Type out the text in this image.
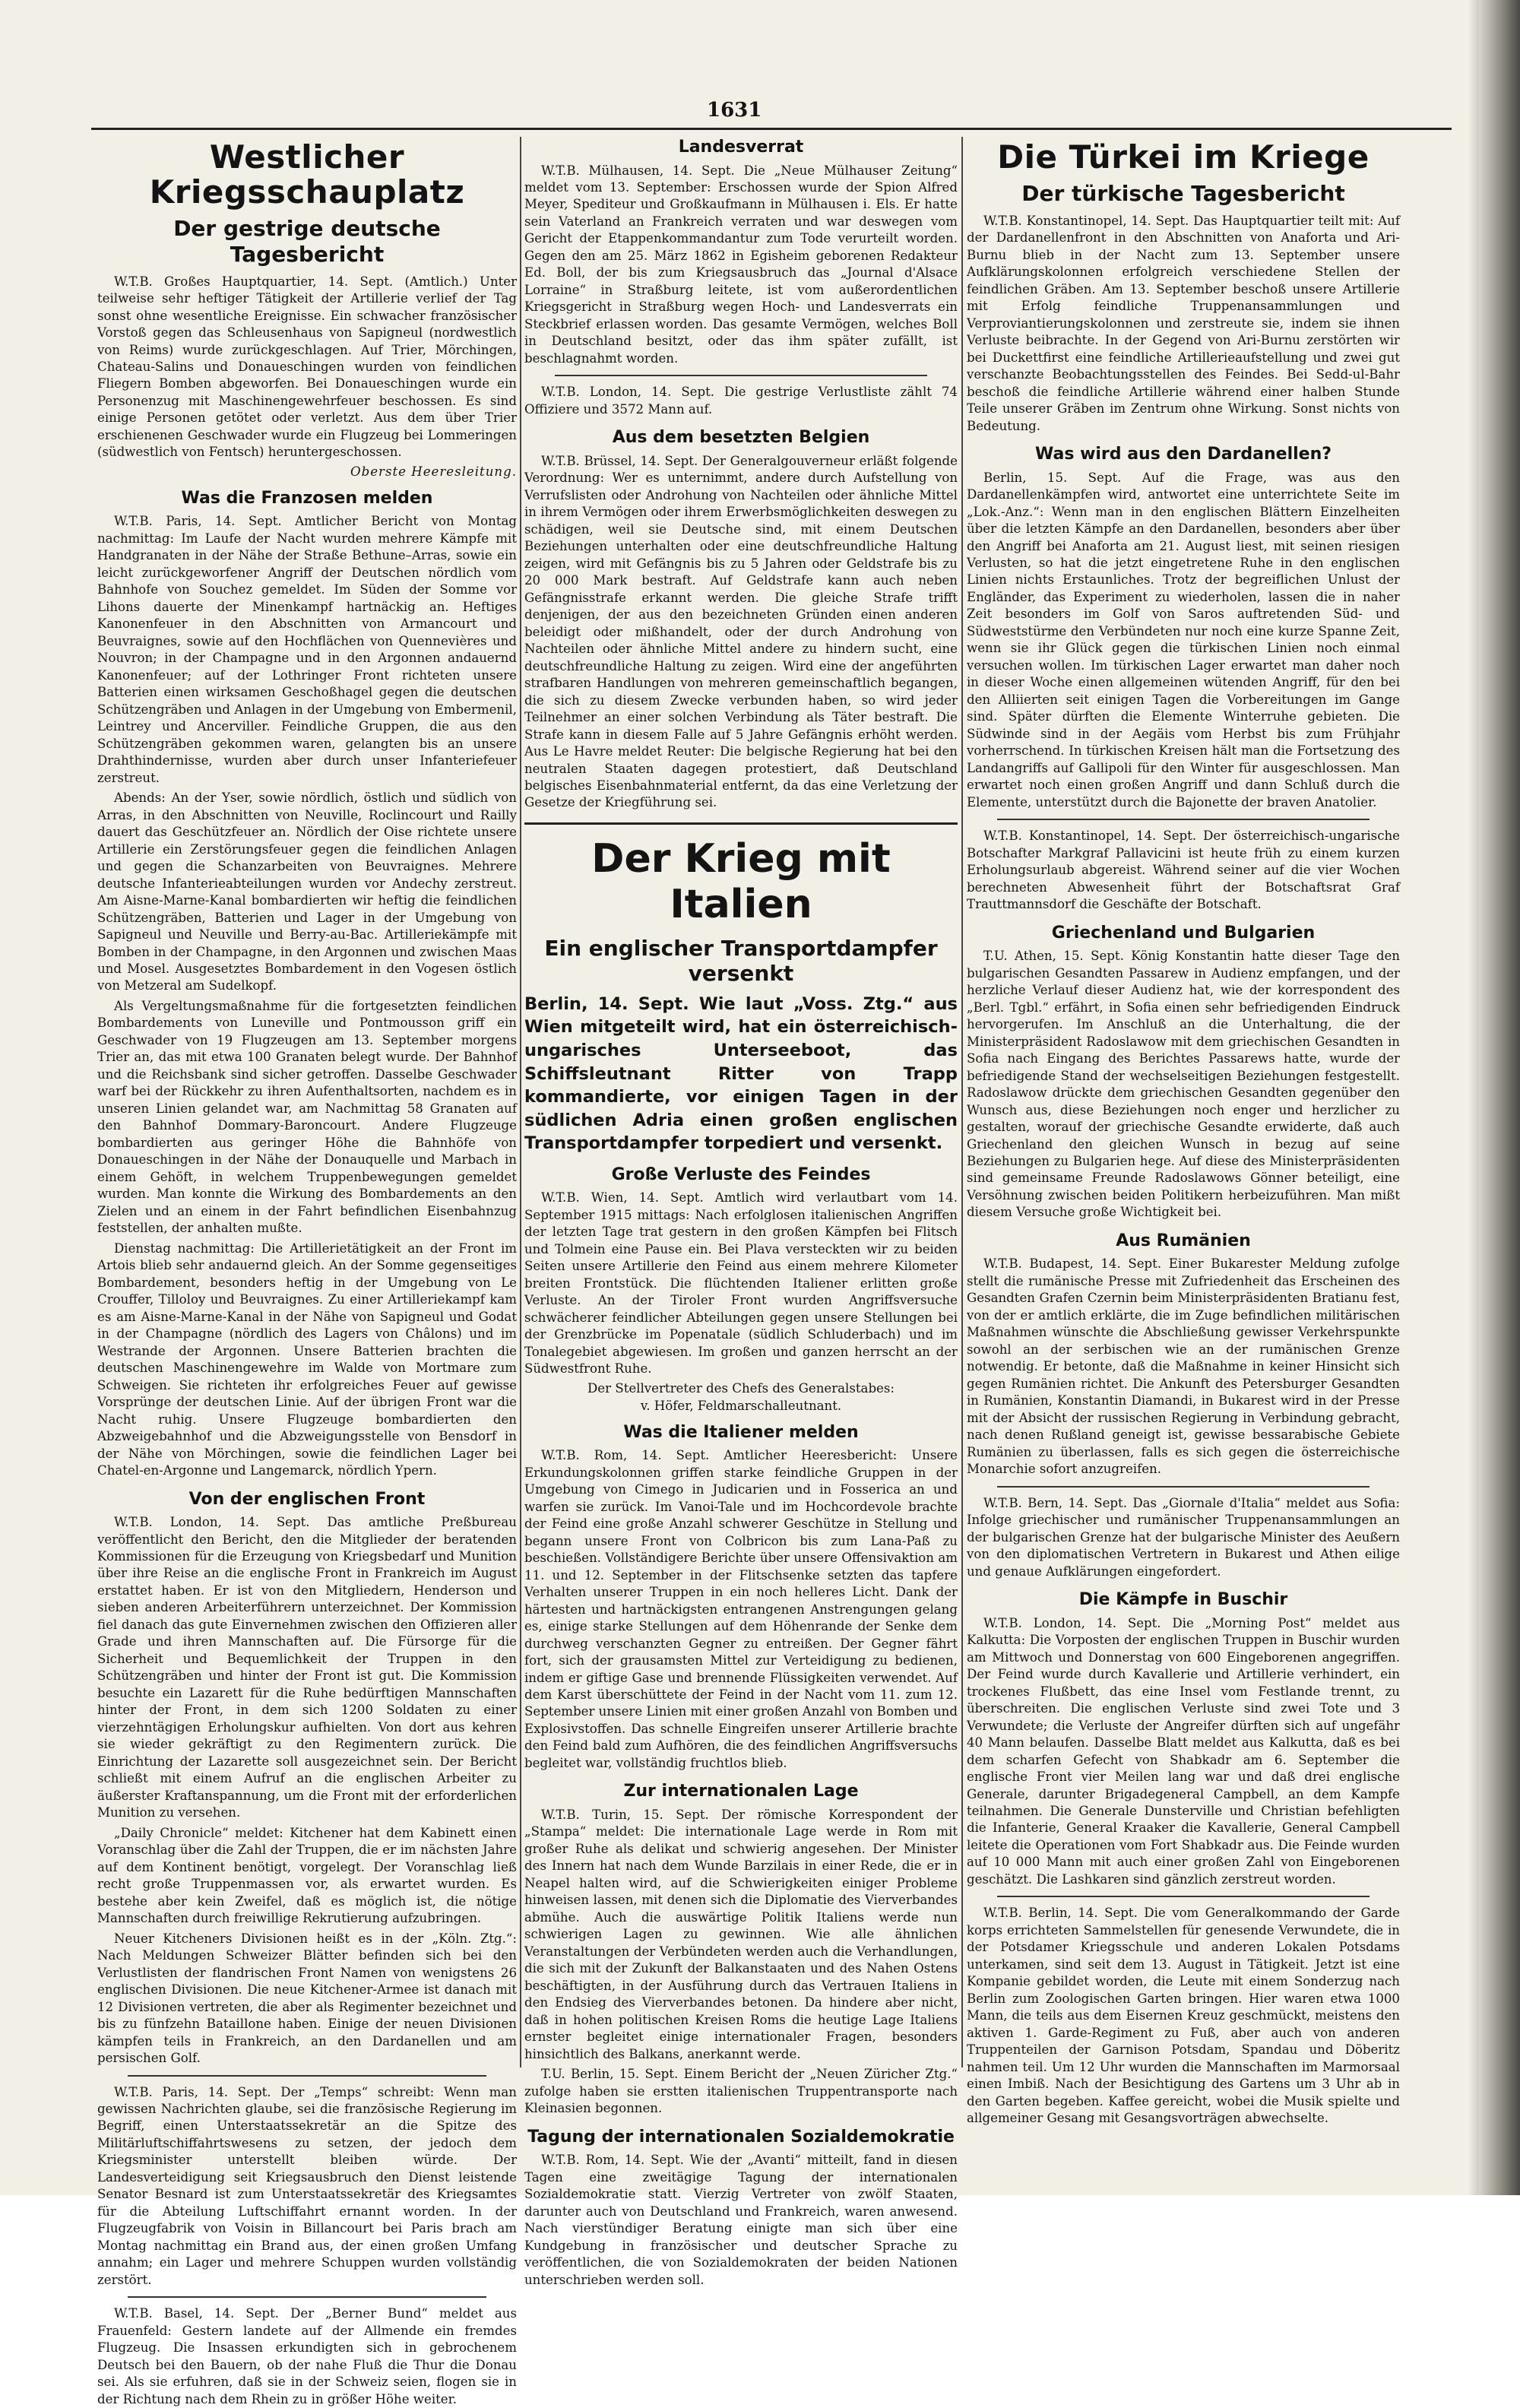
1631
Westlicher Kriegsschauplatz
Der gestrige deutsche Tagesbericht

W.T.B. Großes Hauptquartier, 14. Sept. (Amtlich.) Unter teilweise sehr heftiger Tätigkeit der Artillerie verlief der Tag sonst ohne wesentliche Ereignisse. Ein schwacher französischer Vorstoß gegen das Schleusenhaus von Sapigneul (nordwestlich von Reims) wurde zurückgeschlagen. Auf Trier, Mörchingen, Chateau-Salins und Donaueschingen wurden von feindlichen Fliegern Bomben abgeworfen. Bei Donaueschingen wurde ein Personenzug mit Maschinengewehrfeuer beschossen. Es sind einige Personen getötet oder verletzt. Aus dem über Trier erschienenen Geschwader wurde ein Flugzeug bei Lommeringen (südwestlich von Fentsch) heruntergeschossen.

Oberste Heeresleitung.
Was die Franzosen melden

W.T.B. Paris, 14. Sept. Amtlicher Bericht von Montag nachmittag: Im Laufe der Nacht wurden mehrere Kämpfe mit Handgranaten in der Nähe der Straße Bethune–Arras, sowie ein leicht zurückgeworfener Angriff der Deutschen nördlich vom Bahnhofe von Souchez gemeldet. Im Süden der Somme vor Lihons dauerte der Minenkampf hartnäckig an. Heftiges Kanonenfeuer in den Abschnitten von Armancourt und Beuvraignes, sowie auf den Hochflächen von Quennevières und Nouvron; in der Champagne und in den Argonnen andauernd Kanonenfeuer; auf der Lothringer Front richteten unsere Batterien einen wirksamen Geschoßhagel gegen die deutschen Schützengräben und Anlagen in der Umgebung von Embermenil, Leintrey und Ancerviller. Feindliche Gruppen, die aus den Schützengräben gekommen waren, gelangten bis an unsere Drahthindernisse, wurden aber durch unser Infanteriefeuer zerstreut.

Abends: An der Yser, sowie nördlich, östlich und südlich von Arras, in den Abschnitten von Neuville, Roclincourt und Railly dauert das Geschützfeuer an. Nördlich der Oise richtete unsere Artillerie ein Zerstörungsfeuer gegen die feindlichen Anlagen und gegen die Schanzarbeiten von Beuvraignes. Mehrere deutsche Infanterieabteilungen wurden vor Andechy zerstreut. Am Aisne-Marne-Kanal bombardierten wir heftig die feindlichen Schützengräben, Batterien und Lager in der Umgebung von Sapigneul und Neuville und Berry-au-Bac. Artilleriekämpfe mit Bomben in der Champagne, in den Argonnen und zwischen Maas und Mosel. Ausgesetztes Bombardement in den Vogesen östlich von Metzeral am Sudelkopf.

Als Vergeltungsmaßnahme für die fortgesetzten feindlichen Bombardements von Luneville und Pontmousson griff ein Geschwader von 19 Flugzeugen am 13. September morgens Trier an, das mit etwa 100 Granaten belegt wurde. Der Bahnhof und die Reichsbank sind sicher getroffen. Dasselbe Geschwader warf bei der Rückkehr zu ihren Aufenthaltsorten, nachdem es in unseren Linien gelandet war, am Nachmittag 58 Granaten auf den Bahnhof Dommary-Baroncourt. Andere Flugzeuge bombardierten aus geringer Höhe die Bahnhöfe von Donaueschingen in der Nähe der Donauquelle und Marbach in einem Gehöft, in welchem Truppenbewegungen gemeldet wurden. Man konnte die Wirkung des Bombardements an den Zielen und an einem in der Fahrt befindlichen Eisenbahnzug feststellen, der anhalten mußte.

Dienstag nachmittag: Die Artillerietätigkeit an der Front im Artois blieb sehr andauernd gleich. An der Somme gegenseitiges Bombardement, besonders heftig in der Umgebung von Le Crouffer, Tilloloy und Beuvraignes. Zu einer Artilleriekampf kam es am Aisne-Marne-Kanal in der Nähe von Sapigneul und Godat in der Champagne (nördlich des Lagers von Châlons) und im Westrande der Argonnen. Unsere Batterien brachten die deutschen Maschinengewehre im Walde von Mortmare zum Schweigen. Sie richteten ihr erfolgreiches Feuer auf gewisse Vorsprünge der deutschen Linie. Auf der übrigen Front war die Nacht ruhig. Unsere Flugzeuge bombardierten den Abzweigebahnhof und die Abzweigungsstelle von Bensdorf in der Nähe von Mörchingen, sowie die feindlichen Lager bei Chatel-en-Argonne und Langemarck, nördlich Ypern.

Von der englischen Front

W.T.B. London, 14. Sept. Das amtliche Preßbureau veröffentlicht den Bericht, den die Mitglieder der beratenden Kommissionen für die Erzeugung von Kriegsbedarf und Munition über ihre Reise an die englische Front in Frankreich im August erstattet haben. Er ist von den Mitgliedern, Henderson und sieben anderen Arbeiterführern unterzeichnet. Der Kommission fiel danach das gute Einvernehmen zwischen den Offizieren aller Grade und ihren Mannschaften auf. Die Fürsorge für die Sicherheit und Bequemlichkeit der Truppen in den Schützengräben und hinter der Front ist gut. Die Kommission besuchte ein Lazarett für die Ruhe bedürftigen Mannschaften hinter der Front, in dem sich 1200 Soldaten zu einer vierzehntägigen Erholungskur aufhielten. Von dort aus kehren sie wieder gekräftigt zu den Regimentern zurück. Die Einrichtung der Lazarette soll ausgezeichnet sein. Der Bericht schließt mit einem Aufruf an die englischen Arbeiter zu äußerster Kraftanspannung, um die Front mit der erforderlichen Munition zu versehen.

„Daily Chronicle“ meldet: Kitchener hat dem Kabinett einen Voranschlag über die Zahl der Truppen, die er im nächsten Jahre auf dem Kontinent benötigt, vorgelegt. Der Voranschlag ließ recht große Truppenmassen vor, als erwartet wurden. Es bestehe aber kein Zweifel, daß es möglich ist, die nötige Mannschaften durch freiwillige Rekrutierung aufzubringen.

Neuer Kitcheners Divisionen heißt es in der „Köln. Ztg.“: Nach Meldungen Schweizer Blätter befinden sich bei den Verlustlisten der flandrischen Front Namen von wenigstens 26 englischen Divisionen. Die neue Kitchener-Armee ist danach mit 12 Divisionen vertreten, die aber als Regimenter bezeichnet und bis zu fünfzehn Bataillone haben. Einige der neuen Divisionen kämpfen teils in Frankreich, an den Dardanellen und am persischen Golf.

W.T.B. Paris, 14. Sept. Der „Temps“ schreibt: Wenn man gewissen Nachrichten glaube, sei die französische Regierung im Begriff, einen Unterstaatssekretär an die Spitze des Militärluftschiffahrtswesens zu setzen, der jedoch dem Kriegsminister unterstellt bleiben würde. Der Landesverteidigung seit Kriegsausbruch den Dienst leistende Senator Besnard ist zum Unterstaatssekretär des Kriegsamtes für die Abteilung Luftschiffahrt ernannt worden. In der Flugzeugfabrik von Voisin in Billancourt bei Paris brach am Montag nachmittag ein Brand aus, der einen großen Umfang annahm; ein Lager und mehrere Schuppen wurden vollständig zerstört.

W.T.B. Basel, 14. Sept. Der „Berner Bund“ meldet aus Frauenfeld: Gestern landete auf der Allmende ein fremdes Flugzeug. Die Insassen erkundigten sich in gebrochenem Deutsch bei den Bauern, ob der nahe Fluß die Thur die Donau sei. Als sie erfuhren, daß sie in der Schweiz seien, flogen sie in der Richtung nach dem Rhein zu in größer Höhe weiter.

Landesverrat

W.T.B. Mülhausen, 14. Sept. Die „Neue Mülhauser Zeitung“ meldet vom 13. September: Erschossen wurde der Spion Alfred Meyer, Spediteur und Großkaufmann in Mülhausen i. Els. Er hatte sein Vaterland an Frankreich verraten und war deswegen vom Gericht der Etappenkommandantur zum Tode verurteilt worden. Gegen den am 25. März 1862 in Egisheim geborenen Redakteur Ed. Boll, der bis zum Kriegsausbruch das „Journal d'Alsace Lorraine“ in Straßburg leitete, ist vom außerordentlichen Kriegsgericht in Straßburg wegen Hoch- und Landesverrats ein Steckbrief erlassen worden. Das gesamte Vermögen, welches Boll in Deutschland besitzt, oder das ihm später zufällt, ist beschlagnahmt worden.

W.T.B. London, 14. Sept. Die gestrige Verlustliste zählt 74 Offiziere und 3572 Mann auf.

Aus dem besetzten Belgien

W.T.B. Brüssel, 14. Sept. Der Generalgouverneur erläßt folgende Verordnung: Wer es unternimmt, andere durch Aufstellung von Verrufslisten oder Androhung von Nachteilen oder ähnliche Mittel in ihrem Vermögen oder ihrem Erwerbsmöglichkeiten deswegen zu schädigen, weil sie Deutsche sind, mit einem Deutschen Beziehungen unterhalten oder eine deutschfreundliche Haltung zeigen, wird mit Gefängnis bis zu 5 Jahren oder Geldstrafe bis zu 20 000 Mark bestraft. Auf Geldstrafe kann auch neben Gefängnisstrafe erkannt werden. Die gleiche Strafe trifft denjenigen, der aus den bezeichneten Gründen einen anderen beleidigt oder mißhandelt, oder der durch Androhung von Nachteilen oder ähnliche Mittel andere zu hindern sucht, eine deutschfreundliche Haltung zu zeigen. Wird eine der angeführten strafbaren Handlungen von mehreren gemeinschaftlich begangen, die sich zu diesem Zwecke verbunden haben, so wird jeder Teilnehmer an einer solchen Verbindung als Täter bestraft. Die Strafe kann in diesem Falle auf 5 Jahre Gefängnis erhöht werden. Aus Le Havre meldet Reuter: Die belgische Regierung hat bei den neutralen Staaten dagegen protestiert, daß Deutschland belgisches Eisenbahnmaterial entfernt, da das eine Verletzung der Gesetze der Kriegführung sei.

Der Krieg mit Italien
Ein englischer Transportdampfer versenkt

Berlin, 14. Sept. Wie laut „Voss. Ztg.“ aus Wien mitgeteilt wird, hat ein österreichisch-ungarisches Unterseeboot, das Schiffsleutnant Ritter von Trapp kommandierte, vor einigen Tagen in der südlichen Adria einen großen englischen Transportdampfer torpediert und versenkt.

Große Verluste des Feindes

W.T.B. Wien, 14. Sept. Amtlich wird verlautbart vom 14. September 1915 mittags: Nach erfolglosen italienischen Angriffen der letzten Tage trat gestern in den großen Kämpfen bei Flitsch und Tolmein eine Pause ein. Bei Plava versteckten wir zu beiden Seiten unsere Artillerie den Feind aus einem mehrere Kilometer breiten Frontstück. Die flüchtenden Italiener erlitten große Verluste. An der Tiroler Front wurden Angriffsversuche schwächerer feindlicher Abteilungen gegen unsere Stellungen bei der Grenzbrücke im Popenatale (südlich Schluderbach) und im Tonalegebiet abgewiesen. Im großen und ganzen herrscht an der Südwestfront Ruhe.

Der Stellvertreter des Chefs des Generalstabes:
v. Höfer, Feldmarschalleutnant.
Was die Italiener melden

W.T.B. Rom, 14. Sept. Amtlicher Heeresbericht: Unsere Erkundungskolonnen griffen starke feindliche Gruppen in der Umgebung von Cimego in Judicarien und in Fosserica an und warfen sie zurück. Im Vanoi-Tale und im Hochcordevole brachte der Feind eine große Anzahl schwerer Geschütze in Stellung und begann unsere Front von Colbricon bis zum Lana-Paß zu beschießen. Vollständigere Berichte über unsere Offensivaktion am 11. und 12. September in der Flitschsenke setzten das tapfere Verhalten unserer Truppen in ein noch helleres Licht. Dank der härtesten und hartnäckigsten entrangenen Anstrengungen gelang es, einige starke Stellungen auf dem Höhenrande der Senke dem durchweg verschanzten Gegner zu entreißen. Der Gegner fährt fort, sich der grausamsten Mittel zur Verteidigung zu bedienen, indem er giftige Gase und brennende Flüssigkeiten verwendet. Auf dem Karst überschüttete der Feind in der Nacht vom 11. zum 12. September unsere Linien mit einer großen Anzahl von Bomben und Explosivstoffen. Das schnelle Eingreifen unserer Artillerie brachte den Feind bald zum Aufhören, die des feindlichen Angriffsversuchs begleitet war, vollständig fruchtlos blieb.

Zur internationalen Lage

W.T.B. Turin, 15. Sept. Der römische Korrespondent der „Stampa“ meldet: Die internationale Lage werde in Rom mit großer Ruhe als delikat und schwierig angesehen. Der Minister des Innern hat nach dem Wunde Barzilais in einer Rede, die er in Neapel halten wird, auf die Schwierigkeiten einiger Probleme hinweisen lassen, mit denen sich die Diplomatie des Vierverbandes abmühe. Auch die auswärtige Politik Italiens werde nun schwierigen Lagen zu gewinnen. Wie alle ähnlichen Veranstaltungen der Verbündeten werden auch die Verhandlungen, die sich mit der Zukunft der Balkanstaaten und des Nahen Ostens beschäftigten, in der Ausführung durch das Vertrauen Italiens in den Endsieg des Vierverbandes betonen. Da hindere aber nicht, daß in hohen politischen Kreisen Roms die heutige Lage Italiens ernster begleitet einige internationaler Fragen, besonders hinsichtlich des Balkans, anerkannt werde.

T.U. Berlin, 15. Sept. Einem Bericht der „Neuen Züricher Ztg.“ zufolge haben sie erstten italienischen Truppentransporte nach Kleinasien begonnen.

Tagung der internationalen Sozialdemokratie

W.T.B. Rom, 14. Sept. Wie der „Avanti“ mitteilt, fand in diesen Tagen eine zweitägige Tagung der internationalen Sozialdemokratie statt. Vierzig Vertreter von zwölf Staaten, darunter auch von Deutschland und Frankreich, waren anwesend. Nach vierstündiger Beratung einigte man sich über eine Kundgebung in französischer und deutscher Sprache zu veröffentlichen, die von Sozialdemokraten der beiden Nationen unterschrieben werden soll.

Die Türkei im Kriege
Der türkische Tagesbericht

W.T.B. Konstantinopel, 14. Sept. Das Hauptquartier teilt mit: Auf der Dardanellenfront in den Abschnitten von Anaforta und Ari-Burnu blieb in der Nacht zum 13. September unsere Aufklärungskolonnen erfolgreich verschiedene Stellen der feindlichen Gräben. Am 13. September beschoß unsere Artillerie mit Erfolg feindliche Truppenansammlungen und Verproviantierungskolonnen und zerstreute sie, indem sie ihnen Verluste beibrachte. In der Gegend von Ari-Burnu zerstörten wir bei Duckettfirst eine feindliche Artillerieaufstellung und zwei gut verschanzte Beobachtungsstellen des Feindes. Bei Sedd-ul-Bahr beschoß die feindliche Artillerie während einer halben Stunde Teile unserer Gräben im Zentrum ohne Wirkung. Sonst nichts von Bedeutung.

Was wird aus den Dardanellen?

Berlin, 15. Sept. Auf die Frage, was aus den Dardanellenkämpfen wird, antwortet eine unterrichtete Seite im „Lok.-Anz.“: Wenn man in den englischen Blättern Einzelheiten über die letzten Kämpfe an den Dardanellen, besonders aber über den Angriff bei Anaforta am 21. August liest, mit seinen riesigen Verlusten, so hat die jetzt eingetretene Ruhe in den englischen Linien nichts Erstaunliches. Trotz der begreiflichen Unlust der Engländer, das Experiment zu wiederholen, lassen die in naher Zeit besonders im Golf von Saros auftretenden Süd- und Südweststürme den Verbündeten nur noch eine kurze Spanne Zeit, wenn sie ihr Glück gegen die türkischen Linien noch einmal versuchen wollen. Im türkischen Lager erwartet man daher noch in dieser Woche einen allgemeinen wütenden Angriff, für den bei den Alliierten seit einigen Tagen die Vorbereitungen im Gange sind. Später dürften die Elemente Winterruhe gebieten. Die Südwinde sind in der Aegäis vom Herbst bis zum Frühjahr vorherrschend. In türkischen Kreisen hält man die Fortsetzung des Landangriffs auf Gallipoli für den Winter für ausgeschlossen. Man erwartet noch einen großen Angriff und dann Schluß durch die Elemente, unterstützt durch die Bajonette der braven Anatolier.

W.T.B. Konstantinopel, 14. Sept. Der österreichisch-ungarische Botschafter Markgraf Pallavicini ist heute früh zu einem kurzen Erholungsurlaub abgereist. Während seiner auf die vier Wochen berechneten Abwesenheit führt der Botschaftsrat Graf Trauttmannsdorf die Geschäfte der Botschaft.

Griechenland und Bulgarien

T.U. Athen, 15. Sept. König Konstantin hatte dieser Tage den bulgarischen Gesandten Passarew in Audienz empfangen, und der herzliche Verlauf dieser Audienz hat, wie der korrespondent des „Berl. Tgbl.“ erfährt, in Sofia einen sehr befriedigenden Eindruck hervorgerufen. Im Anschluß an die Unterhaltung, die der Ministerpräsident Radoslawow mit dem griechischen Gesandten in Sofia nach Eingang des Berichtes Passarews hatte, wurde der befriedigende Stand der wechselseitigen Beziehungen festgestellt. Radoslawow drückte dem griechischen Gesandten gegenüber den Wunsch aus, diese Beziehungen noch enger und herzlicher zu gestalten, worauf der griechische Gesandte erwiderte, daß auch Griechenland den gleichen Wunsch in bezug auf seine Beziehungen zu Bulgarien hege. Auf diese des Ministerpräsidenten sind gemeinsame Freunde Radoslawows Gönner beteiligt, eine Versöhnung zwischen beiden Politikern herbeizuführen. Man mißt diesem Versuche große Wichtigkeit bei.

Aus Rumänien

W.T.B. Budapest, 14. Sept. Einer Bukarester Meldung zufolge stellt die rumänische Presse mit Zufriedenheit das Erscheinen des Gesandten Grafen Czernin beim Ministerpräsidenten Bratianu fest, von der er amtlich erklärte, die im Zuge befindlichen militärischen Maßnahmen wünschte die Abschließung gewisser Verkehrspunkte sowohl an der serbischen wie an der rumänischen Grenze notwendig. Er betonte, daß die Maßnahme in keiner Hinsicht sich gegen Rumänien richtet. Die Ankunft des Petersburger Gesandten in Rumänien, Konstantin Diamandi, in Bukarest wird in der Presse mit der Absicht der russischen Regierung in Verbindung gebracht, nach denen Rußland geneigt ist, gewisse bessarabische Gebiete Rumänien zu überlassen, falls es sich gegen die österreichische Monarchie sofort anzugreifen.

W.T.B. Bern, 14. Sept. Das „Giornale d'Italia“ meldet aus Sofia: Infolge griechischer und rumänischer Truppenansammlungen an der bulgarischen Grenze hat der bulgarische Minister des Aeußern von den diplomatischen Vertretern in Bukarest und Athen eilige und genaue Aufklärungen eingefordert.

Die Kämpfe in Buschir

W.T.B. London, 14. Sept. Die „Morning Post“ meldet aus Kalkutta: Die Vorposten der englischen Truppen in Buschir wurden am Mittwoch und Donnerstag von 600 Eingeborenen angegriffen. Der Feind wurde durch Kavallerie und Artillerie verhindert, ein trockenes Flußbett, das eine Insel vom Festlande trennt, zu überschreiten. Die englischen Verluste sind zwei Tote und 3 Verwundete; die Verluste der Angreifer dürften sich auf ungefähr 40 Mann belaufen. Dasselbe Blatt meldet aus Kalkutta, daß es bei dem scharfen Gefecht von Shabkadr am 6. September die englische Front vier Meilen lang war und daß drei englische Generale, darunter Brigadegeneral Campbell, an dem Kampfe teilnahmen. Die Generale Dunsterville und Christian befehligten die Infanterie, General Kraaker die Kavallerie, General Campbell leitete die Operationen vom Fort Shabkadr aus. Die Feinde wurden auf 10 000 Mann mit auch einer großen Zahl von Eingeborenen geschätzt. Die Lashkaren sind gänzlich zerstreut worden.

W.T.B. Berlin, 14. Sept. Die vom Generalkommando der Garde korps errichteten Sammelstellen für genesende Verwundete, die in der Potsdamer Kriegsschule und anderen Lokalen Potsdams unterkamen, sind seit dem 13. August in Tätigkeit. Jetzt ist eine Kompanie gebildet worden, die Leute mit einem Sonderzug nach Berlin zum Zoologischen Garten bringen. Hier waren etwa 1000 Mann, die teils aus dem Eisernen Kreuz geschmückt, meistens den aktiven 1. Garde-Regiment zu Fuß, aber auch von anderen Truppenteilen der Garnison Potsdam, Spandau und Döberitz nahmen teil. Um 12 Uhr wurden die Mannschaften im Marmorsaal einen Imbiß. Nach der Besichtigung des Gartens um 3 Uhr ab in den Garten begeben. Kaffee gereicht, wobei die Musik spielte und allgemeiner Gesang mit Gesangsvorträgen abwechselte.
